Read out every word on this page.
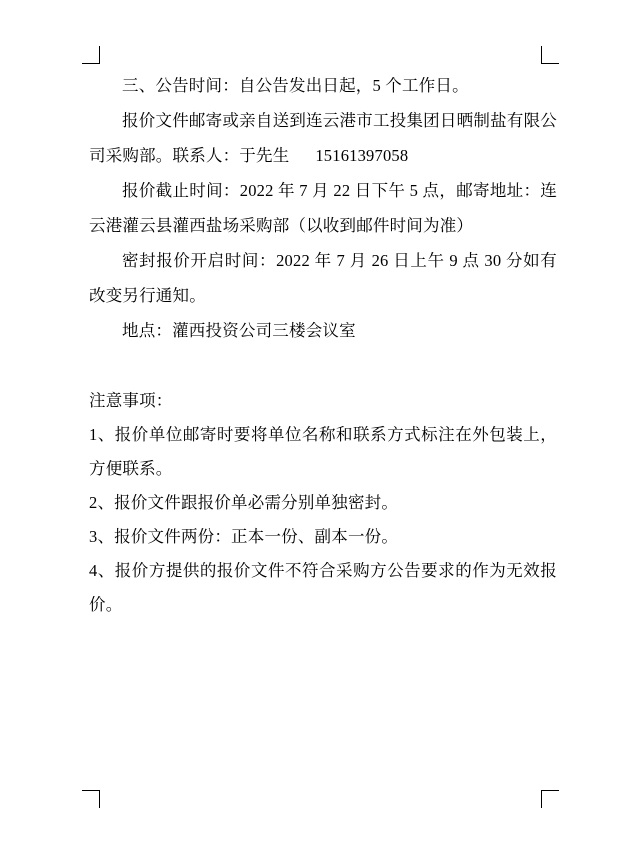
三、公告时间：自公告发出日起，5 个工作日。

报价文件邮寄或亲自送到连云港市工投集团日晒制盐有限公司采购部。联系人：于先生      15161397058

报价截止时间：2022 年 7 月 22 日下午 5 点，邮寄地址：连云港灌云县灌西盐场采购部（以收到邮件时间为准）

密封报价开启时间：2022 年 7 月 26 日上午 9 点 30 分如有改变另行通知。

地点：灌西投资公司三楼会议室

注意事项：

1、报价单位邮寄时要将单位名称和联系方式标注在外包装上，方便联系。

2、报价文件跟报价单必需分别单独密封。

3、报价文件两份：正本一份、副本一份。

4、报价方提供的报价文件不符合采购方公告要求的作为无效报价。
